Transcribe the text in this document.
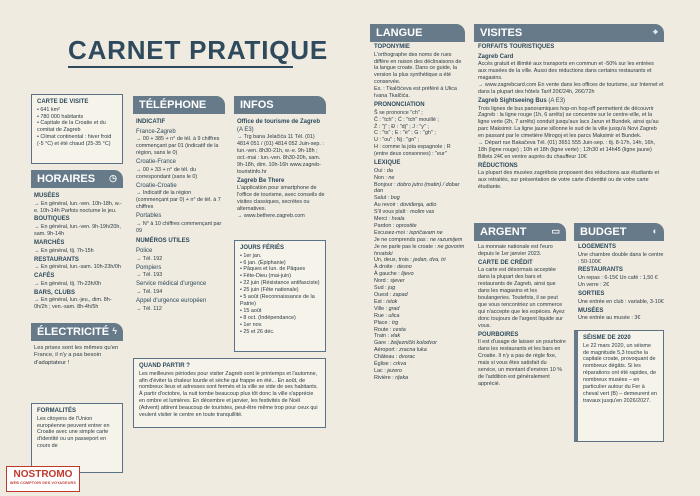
CARNET PRATIQUE
CARTE DE VISITE
• 641 km²
• 780 000 habitants
• Capitale de la Croatie et du comitat de Zagreb
• Climat continental : hiver froid (-5 °C) et été chaud (25-35 °C)
HORAIRES ◷
MUSÉES
→ En général, lun.-ven. 10h-18h, w.-e. 10h-14h Parfois nocturne le jeu.
BOUTIQUES
→ En général, lun.-ven. 9h-19h/20h, sam. 9h-14h
MARCHÉS
→ En général, tlj. 7h-15h
RESTAURANTS
→ En général, lun.-sam. 10h-23h/0h
CAFÉS
→ En général, tlj. 7h-23h/0h
BARS, CLUBS
→ En général, lun.-jeu., dim. 8h-0h/2h ; ven.-sam. 8h-4h/5h
ÉLECTRICITÉ ϟ
Les prises sont les mêmes qu'en France, il n'y a pas besoin d'adaptateur !
FORMALITÉS
Les citoyens de l'Union européenne peuvent entrer en Croatie avec une simple carte d'identité ou un passeport en cours de
TÉLÉPHONE
INDICATIF
France-Zagreb
→ 00 + 385 + n° de tél. à 9 chiffres commençant par 01 (indicatif de la région, sans le 0)
Croatie-France
→ 00 + 33 + n° de tél. du correspondant (sans le 0)
Croatie-Croatie
→ Indicatif de la région (commençant par 0) + n° de tél. à 7 chiffres
Portables
→ N° à 10 chiffres commençant par 09
NUMÉROS UTILES
Police
→ Tél. 192
Pompiers
→ Tél. 193
Service médical d'urgence
→ Tél. 194
Appel d'urgence européen
→ Tél. 112
INFOS
Office de tourisme de Zagreb (A E3)
→ Trg bana Jelačića 11 Tél. (01) 4814 051 / (01) 4814 052 Juin-sep. : lun.-ven. 8h30-21h, w.-e. 9h-18h ; oct.-mai : lun.-ven. 8h30-20h, sam. 9h-18h, dim. 10h-16h www.zagreb-touristinfo.hr
Zagreb Be There
L'application pour smartphone de l'office de tourisme, avec conseils de visites classiques, secrètes ou alternatives.
→ www.bethere.zagreb.com
JOURS FÉRIÉS
• 1er jan.
• 6 jan. (Épiphanie)
• Pâques et lun. de Pâques
• Fête-Dieu (mai-juin)
• 22 juin (Résistance antifasciste)
• 25 juin (Fête nationale)
• 5 août (Reconnaissance de la Patrie)
• 15 août
• 8 oct. (Indépendance)
• 1er nov.
• 25 et 26 déc.
QUAND PARTIR ?
Les meilleures périodes pour visiter Zagreb sont le printemps et l'automne, afin d'éviter la chaleur lourde et sèche qui frappe en été... En août, de nombreux lieux et adresses sont fermés et la ville se vide de ses habitants. À partir d'octobre, la nuit tombe beaucoup plus tôt donc la ville s'apprécie en ombre et lumières. En décembre et janvier, les festivités de Noël (Advent) attirent beaucoup de touristes, peut-être même trop pour ceux qui veulent visiter le centre en toute tranquillité.
LANGUE
TOPONYMIE
L'orthographe des noms de rues diffère en raison des déclinaisons de la langue croate. Dans ce guide, la version la plus synthétique a été conservée.
Ex. : Tkalčićeva est préféré à Ulica Ivana Tkalčića.
PRONONCIATION
Š se prononce "ch" ;
Č : "tch" ; Ć : "tch" mouillé ;
Ž : "j" ; Đ : "dj" ; J : "y" ;
C : "ts" ; E : "é" ; G : "gh" ;
U : "ou" ; Nj : "gn" ;
H : comme la jota espagnole ; R (entre deux consonnes) : "eur"
LEXIQUE
Oui : da
Non : ne
Bonjour : dobro jutro (matin) / dobar dan
Salut : bog
Au revoir : doviđenja, adio
S'il vous plaît : molim vas
Merci : hvala
Pardon : oprostite
Excusez-moi : ispričavam ne
Je ne comprends pas : ne razumijem
Je ne parle pas le croate : ne govorim hrvatski
Un, deux, trois : jedan, dva, tri
À droite : desno
À gauche : lijevo
Nord : sjever
Sud : jug
Ouest : zapad
Est : istok
Ville : grad
Rue : ulica
Place : trg
Route : cesta
Train : vlak
Gare : željeznički kolodvor
Aéroport : zracna luka
Château : dvorac
Église : crkva
Lac : jezero
Rivière : rijeka
VISITES	⌖
FORFAITS TOURISTIQUES
Zagreb Card
Accès gratuit et illimité aux transports en commun et -50% sur les entrées aux musées de la ville. Aussi des réductions dans certains restaurants et magasins.
→ www.zagrebcard.com En vente dans les offices de tourisme, sur Internet et dans la plupart des hôtels Tarif 20€/24h, 26€/72h
Zagreb Sightseeing Bus (A E3)
Trois lignes de bus panoramiques hop-on hop-off permettent de découvrir Zagreb : la ligne rouge (1h, 6 arrêts) se concentre sur le centre-ville, et la ligne verte (2h, 7 arrêts) conduit jusqu'aux lacs Jarun et Bundek, ainsi qu'au parc Maksimir. La ligne jaune sillonne le sud de la ville jusqu'à Novi Zagreb en passant par le cimetière Mirogoj et les parcs Maksimir et Bundek.
→ Départ rue Bakačeva Tél. (01) 3651 555 Juin-sep. : tlj. 8-17h, 14h, 16h, 18h (ligne rouge) ; 10h et 18h (ligne verte) ; 12h30 et 14h45 (ligne jaune) Billets 24€ en ventre auprès du chauffeur 10€
RÉDUCTIONS
La plupart des musées zagrébois proposent des réductions aux étudiants et aux retraités, sur présentation de votre carte d'identité ou de votre carte étudiante.
ARGENT	▭
La monnaie nationale est l'euro depuis le 1er janvier 2023.
CARTE DE CRÉDIT
La carte est désormais acceptée dans la plupart des bars et restaurants de Zagreb, ainsi que dans les magasins et les boulangeries. Toutefois, il se peut que vous rencontriez un commerce qui n'accepte que les espèces. Ayez donc toujours de l'argent liquide sur vous.
POURBOIRES
Il est d'usage de laisser un pourboire dans les restaurants et les bars en Croatie. Il n'y a pas de règle fixe, mais si vous êtes satisfait du service, un montant d'environ 10 % de l'addition est généralement apprécié.
BUDGET	◐
LOGEMENTS
Une chambre double dans le centre : 50-100€
RESTAURANTS
Un repas : 6-15€ Un café : 1,50 € Un verre : 2€
SORTIES
Une entrée en club : variable, 3-10€
MUSÉES
Une entrée au musée : 3€
SÉISME DE 2020
Le 22 mars 2020, un séisme de magnitude 5,3 touche la capitale croate, provoquant de nombreux dégâts. Si les réparations ont été rapides, de nombreux musées – en particulier autour du Fer à cheval vert (B) – demeurent en travaux jusqu'en 2026/2027.
NOSTROMO
WEB COMPTOIR DES VOYAGEURS
